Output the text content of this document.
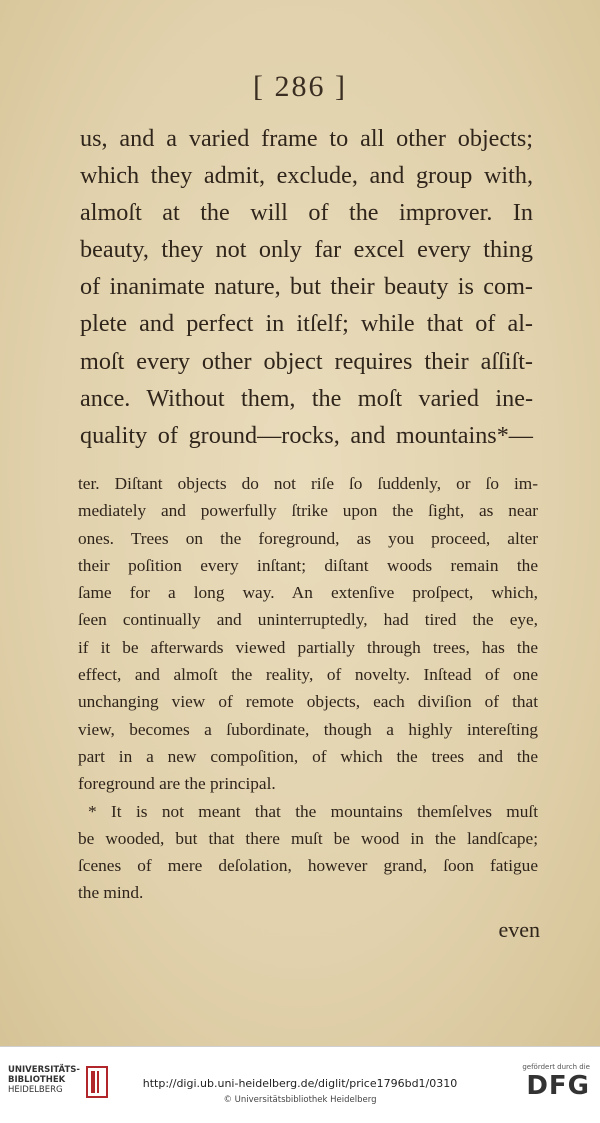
[ 286 ]
us, and a varied frame to all other objects;
which they admit, exclude, and group with,
almoſt at the will of the improver. In
beauty, they not only far excel every thing
of inanimate nature, but their beauty is com-
plete and perfect in itſelf; while that of al-
moſt every other object requires their aſſiſt-
ance. Without them, the moſt varied ine-
quality of ground—rocks, and mountains*—
ter. Diſtant objects do not riſe ſo ſuddenly, or ſo im-
mediately and powerfully ſtrike upon the ſight, as near
ones. Trees on the foreground, as you proceed, alter
their poſition every inſtant; diſtant woods remain the
ſame for a long way. An extenſive proſpect, which,
ſeen continually and uninterruptedly, had tired the eye,
if it be afterwards viewed partially through trees, has the
effect, and almoſt the reality, of novelty. Inſtead of one
unchanging view of remote objects, each diviſion of that
view, becomes a ſubordinate, though a highly intereſting
part in a new compoſition, of which the trees and the
foreground are the principal.
* It is not meant that the mountains themſelves muſt
be wooded, but that there muſt be wood in the landſcape;
ſcenes of mere deſolation, however grand, ſoon fatigue
the mind.
even
UNIVERSITÄTS-
BIBLIOTHEK
HEIDELBERG	http://digi.ub.uni-heidelberg.de/diglit/price1796bd1/0310
© Universitätsbibliothek Heidelberg
gefördert durch die
DFG
